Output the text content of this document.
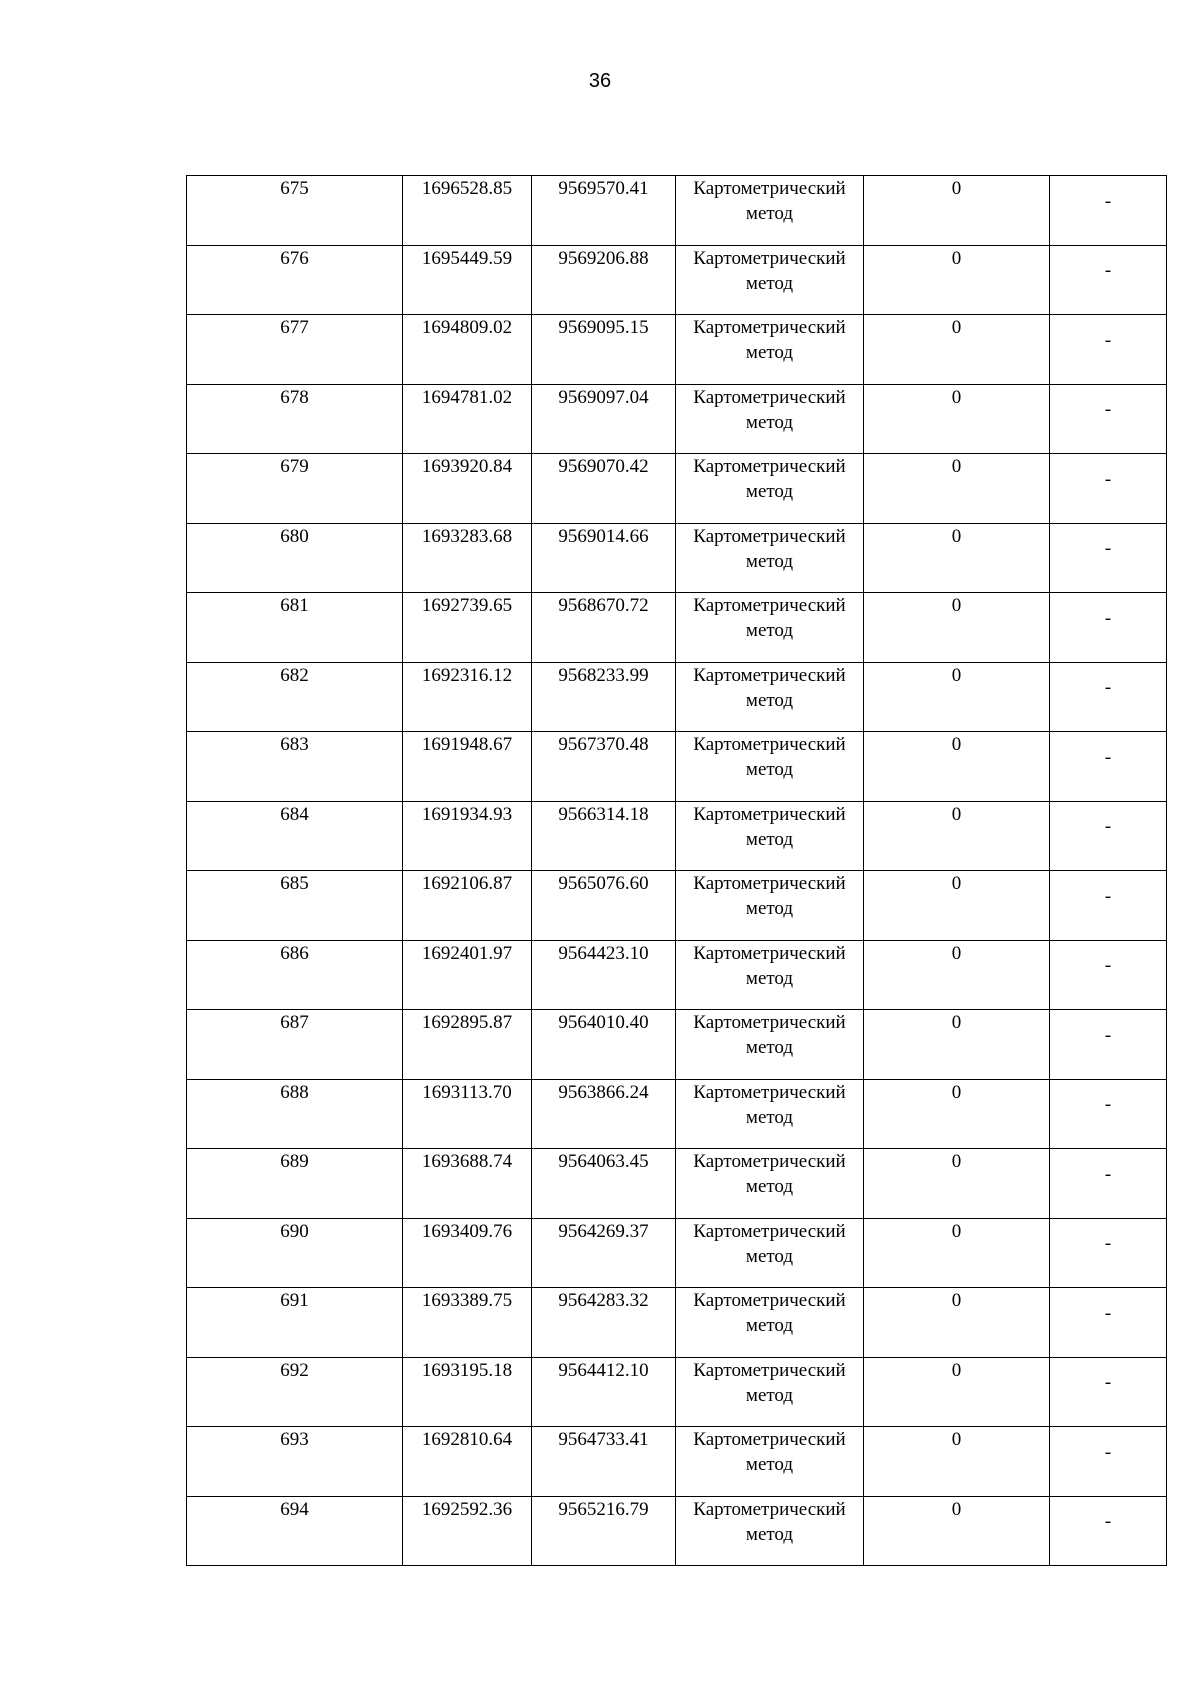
36
675	1696528.85	9569570.41	Картометрический метод	0	-
676	1695449.59	9569206.88	Картометрический метод	0	-
677	1694809.02	9569095.15	Картометрический метод	0	-
678	1694781.02	9569097.04	Картометрический метод	0	-
679	1693920.84	9569070.42	Картометрический метод	0	-
680	1693283.68	9569014.66	Картометрический метод	0	-
681	1692739.65	9568670.72	Картометрический метод	0	-
682	1692316.12	9568233.99	Картометрический метод	0	-
683	1691948.67	9567370.48	Картометрический метод	0	-
684	1691934.93	9566314.18	Картометрический метод	0	-
685	1692106.87	9565076.60	Картометрический метод	0	-
686	1692401.97	9564423.10	Картометрический метод	0	-
687	1692895.87	9564010.40	Картометрический метод	0	-
688	1693113.70	9563866.24	Картометрический метод	0	-
689	1693688.74	9564063.45	Картометрический метод	0	-
690	1693409.76	9564269.37	Картометрический метод	0	-
691	1693389.75	9564283.32	Картометрический метод	0	-
692	1693195.18	9564412.10	Картометрический метод	0	-
693	1692810.64	9564733.41	Картометрический метод	0	-
694	1692592.36	9565216.79	Картометрический метод	0	-
